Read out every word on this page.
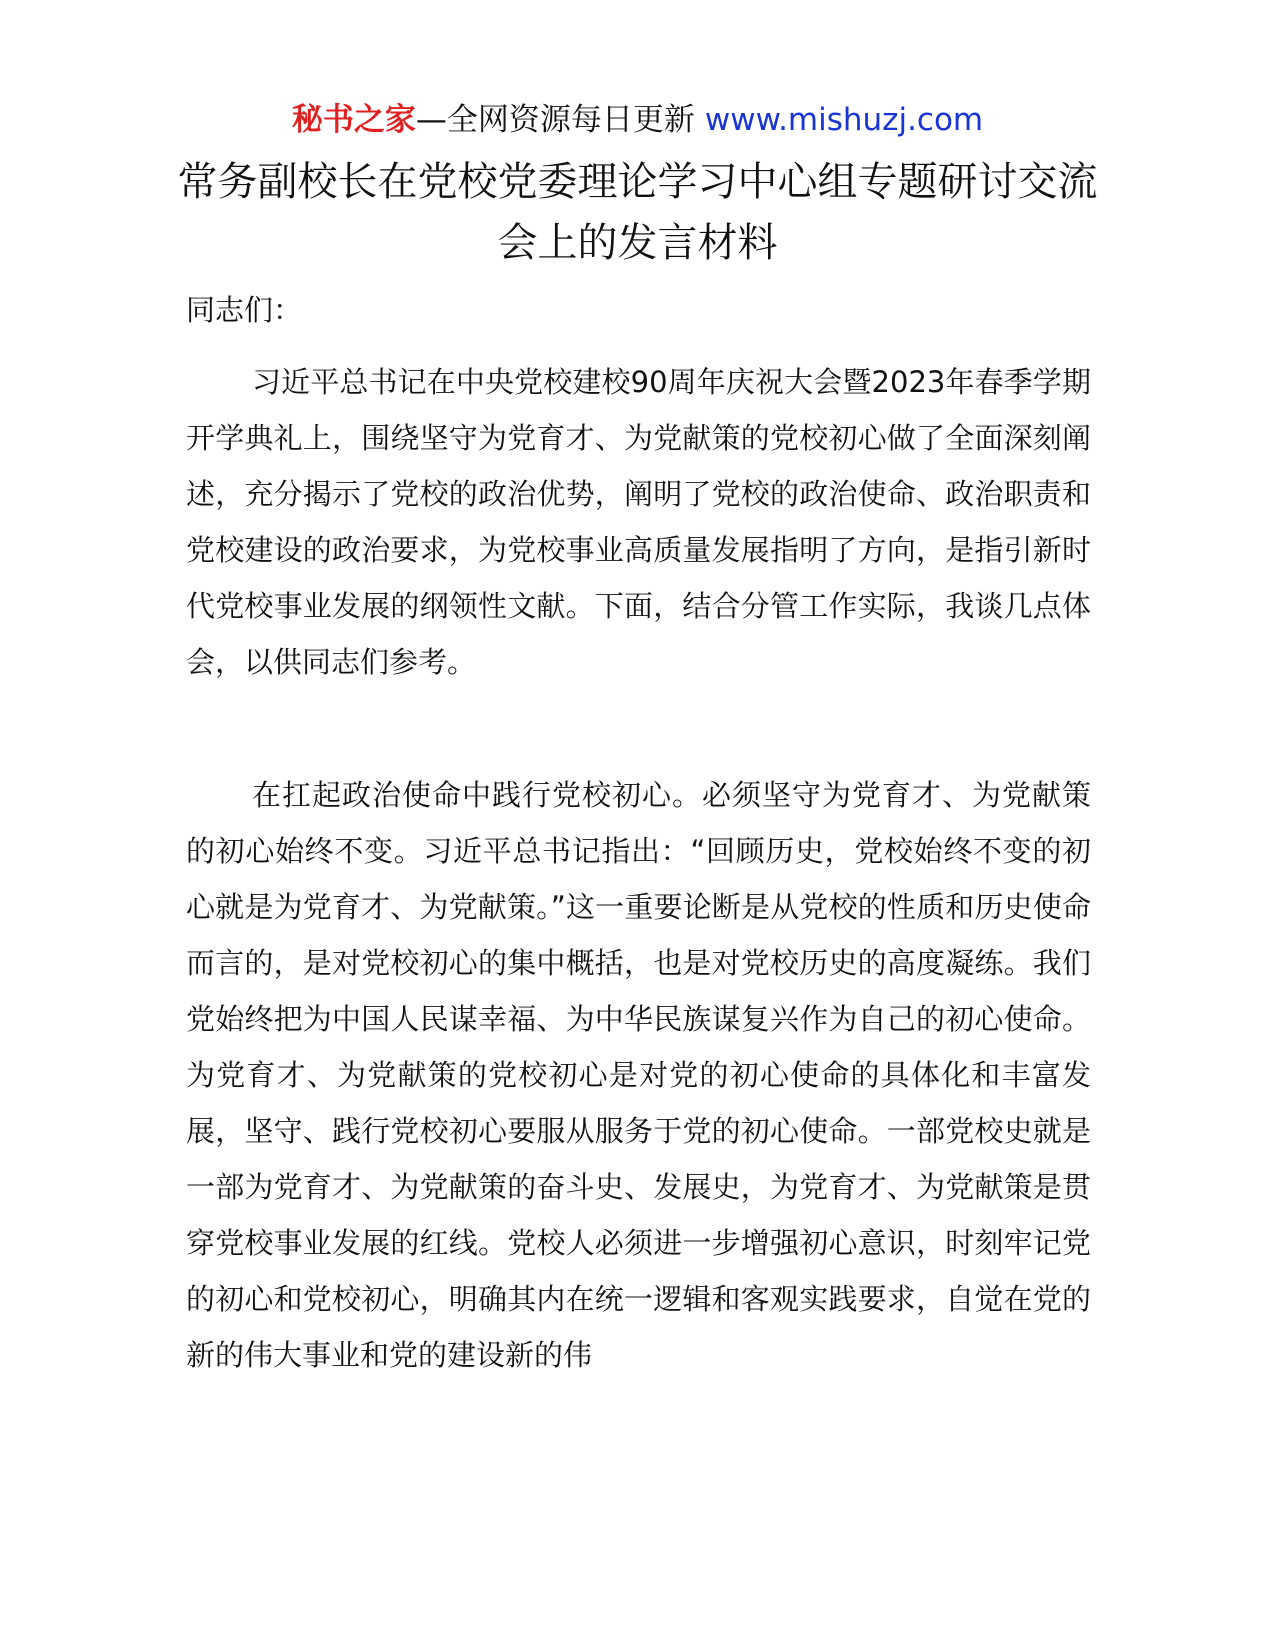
秘书之家—全网资源每日更新 www.mishuzj.com
常务副校长在党校党委理论学习中心组专题研讨交流会上的发言材料
同志们：

习近平总书记在中央党校建校90周年庆祝大会暨2023年春季学期开学典礼上，围绕坚守为党育才、为党献策的党校初心做了全面深刻阐述，充分揭示了党校的政治优势，阐明了党校的政治使命、政治职责和党校建设的政治要求，为党校事业高质量发展指明了方向，是指引新时代党校事业发展的纲领性文献。下面，结合分管工作实际，我谈几点体会，以供同志们参考。

在扛起政治使命中践行党校初心。必须坚守为党育才、为党献策的初心始终不变。习近平总书记指出：“回顾历史，党校始终不变的初心就是为党育才、为党献策。”这一重要论断是从党校的性质和历史使命而言的，是对党校初心的集中概括，也是对党校历史的高度凝练。我们党始终把为中国人民谋幸福、为中华民族谋复兴作为自己的初心使命。为党育才、为党献策的党校初心是对党的初心使命的具体化和丰富发展，坚守、践行党校初心要服从服务于党的初心使命。一部党校史就是一部为党育才、为党献策的奋斗史、发展史，为党育才、为党献策是贯穿党校事业发展的红线。党校人必须进一步增强初心意识，时刻牢记党的初心和党校初心，明确其内在统一逻辑和客观实践要求，自觉在党的新的伟大事业和党的建设新的伟
